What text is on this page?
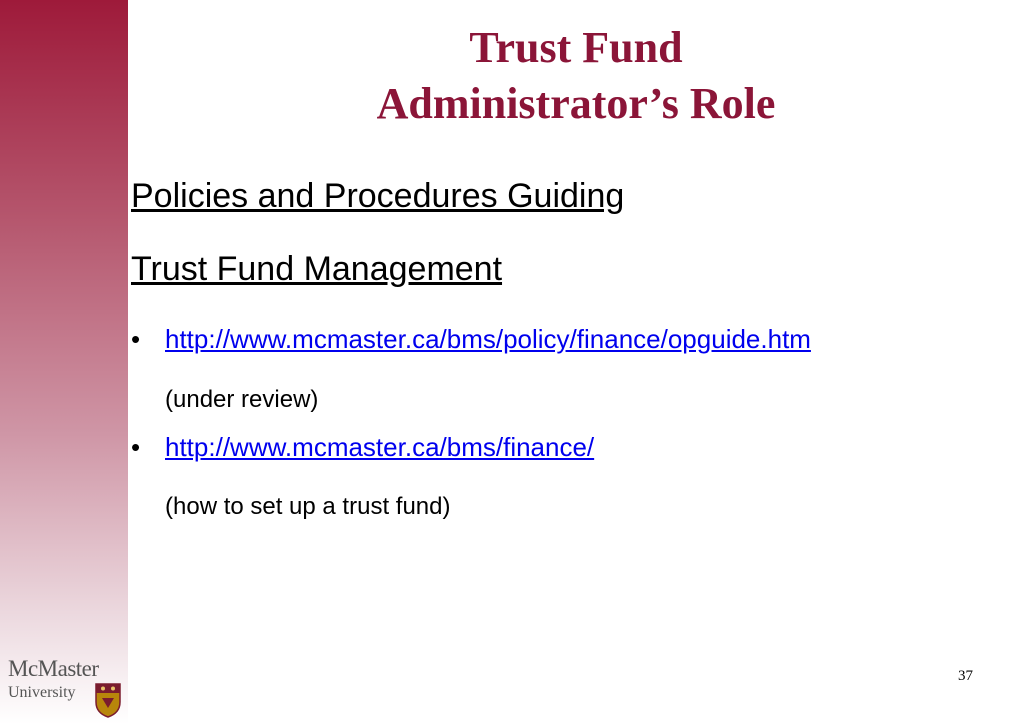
Trust Fund
Administrator’s Role
Policies and Procedures Guiding
Trust Fund Management
• http://www.mcmaster.ca/bms/policy/finance/opguide.htm
(under review)
• http://www.mcmaster.ca/bms/finance/
(how to set up a trust fund)
McMaster
University
37
